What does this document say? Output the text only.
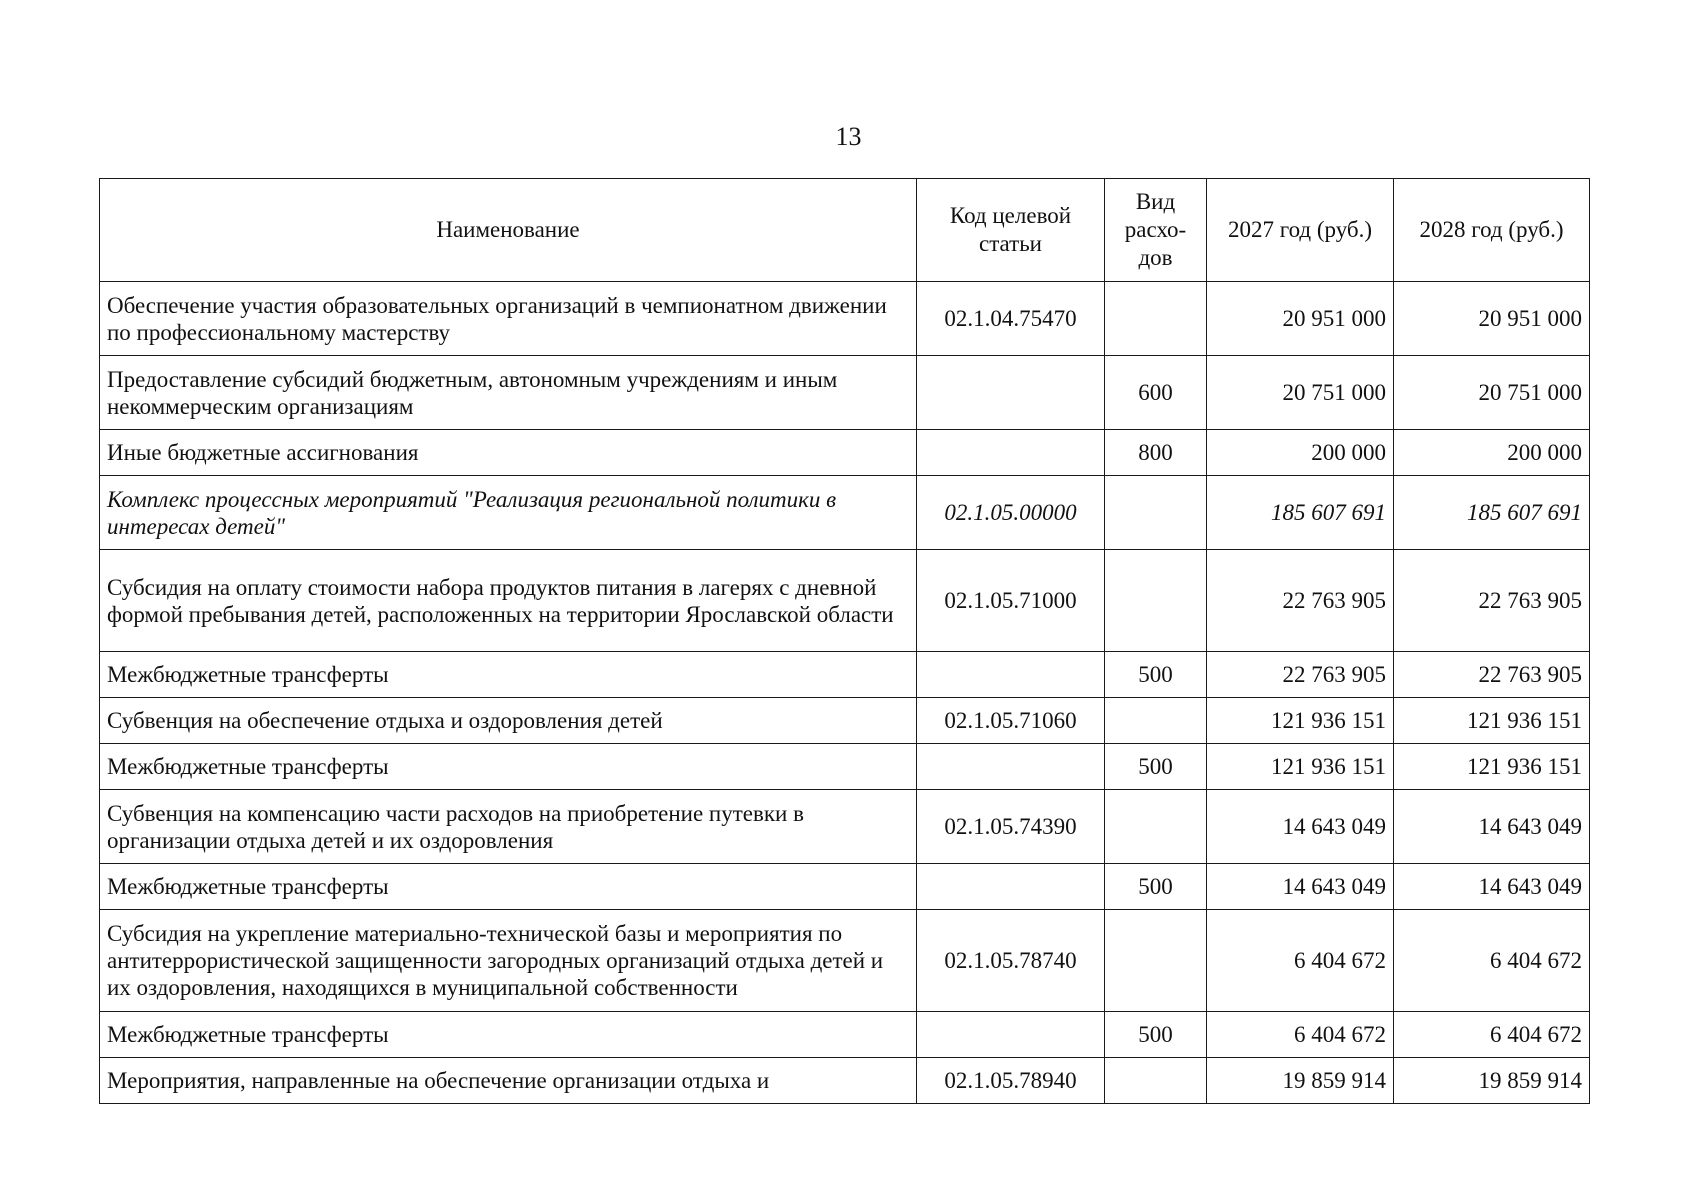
13
Наименование	Код целевой статьи	Вид расхо-дов	2027 год (руб.)	2028 год (руб.)
Обеспечение участия образовательных организаций в чемпионатном движении по профессиональному мастерству	02.1.04.75470		20 951 000	20 951 000
Предоставление субсидий бюджетным, автономным учреждениям и иным некоммерческим организациям		600	20 751 000	20 751 000
Иные бюджетные ассигнования		800	200 000	200 000
Комплекс процессных мероприятий "Реализация региональной политики в интересах детей"	02.1.05.00000		185 607 691	185 607 691
Субсидия на оплату стоимости набора продуктов питания в лагерях с дневной формой пребывания детей, расположенных на территории Ярославской области	02.1.05.71000		22 763 905	22 763 905
Межбюджетные трансферты		500	22 763 905	22 763 905
Субвенция на обеспечение отдыха и оздоровления детей	02.1.05.71060		121 936 151	121 936 151
Межбюджетные трансферты		500	121 936 151	121 936 151
Субвенция на компенсацию части расходов на приобретение путевки в организации отдыха детей и их оздоровления	02.1.05.74390		14 643 049	14 643 049
Межбюджетные трансферты		500	14 643 049	14 643 049
Субсидия на укрепление материально-технической базы и мероприятия по антитеррористической защищенности загородных организаций отдыха детей и их оздоровления, находящихся в муниципальной собственности	02.1.05.78740		6 404 672	6 404 672
Межбюджетные трансферты		500	6 404 672	6 404 672
Мероприятия, направленные на обеспечение организации отдыха и	02.1.05.78940		19 859 914	19 859 914
